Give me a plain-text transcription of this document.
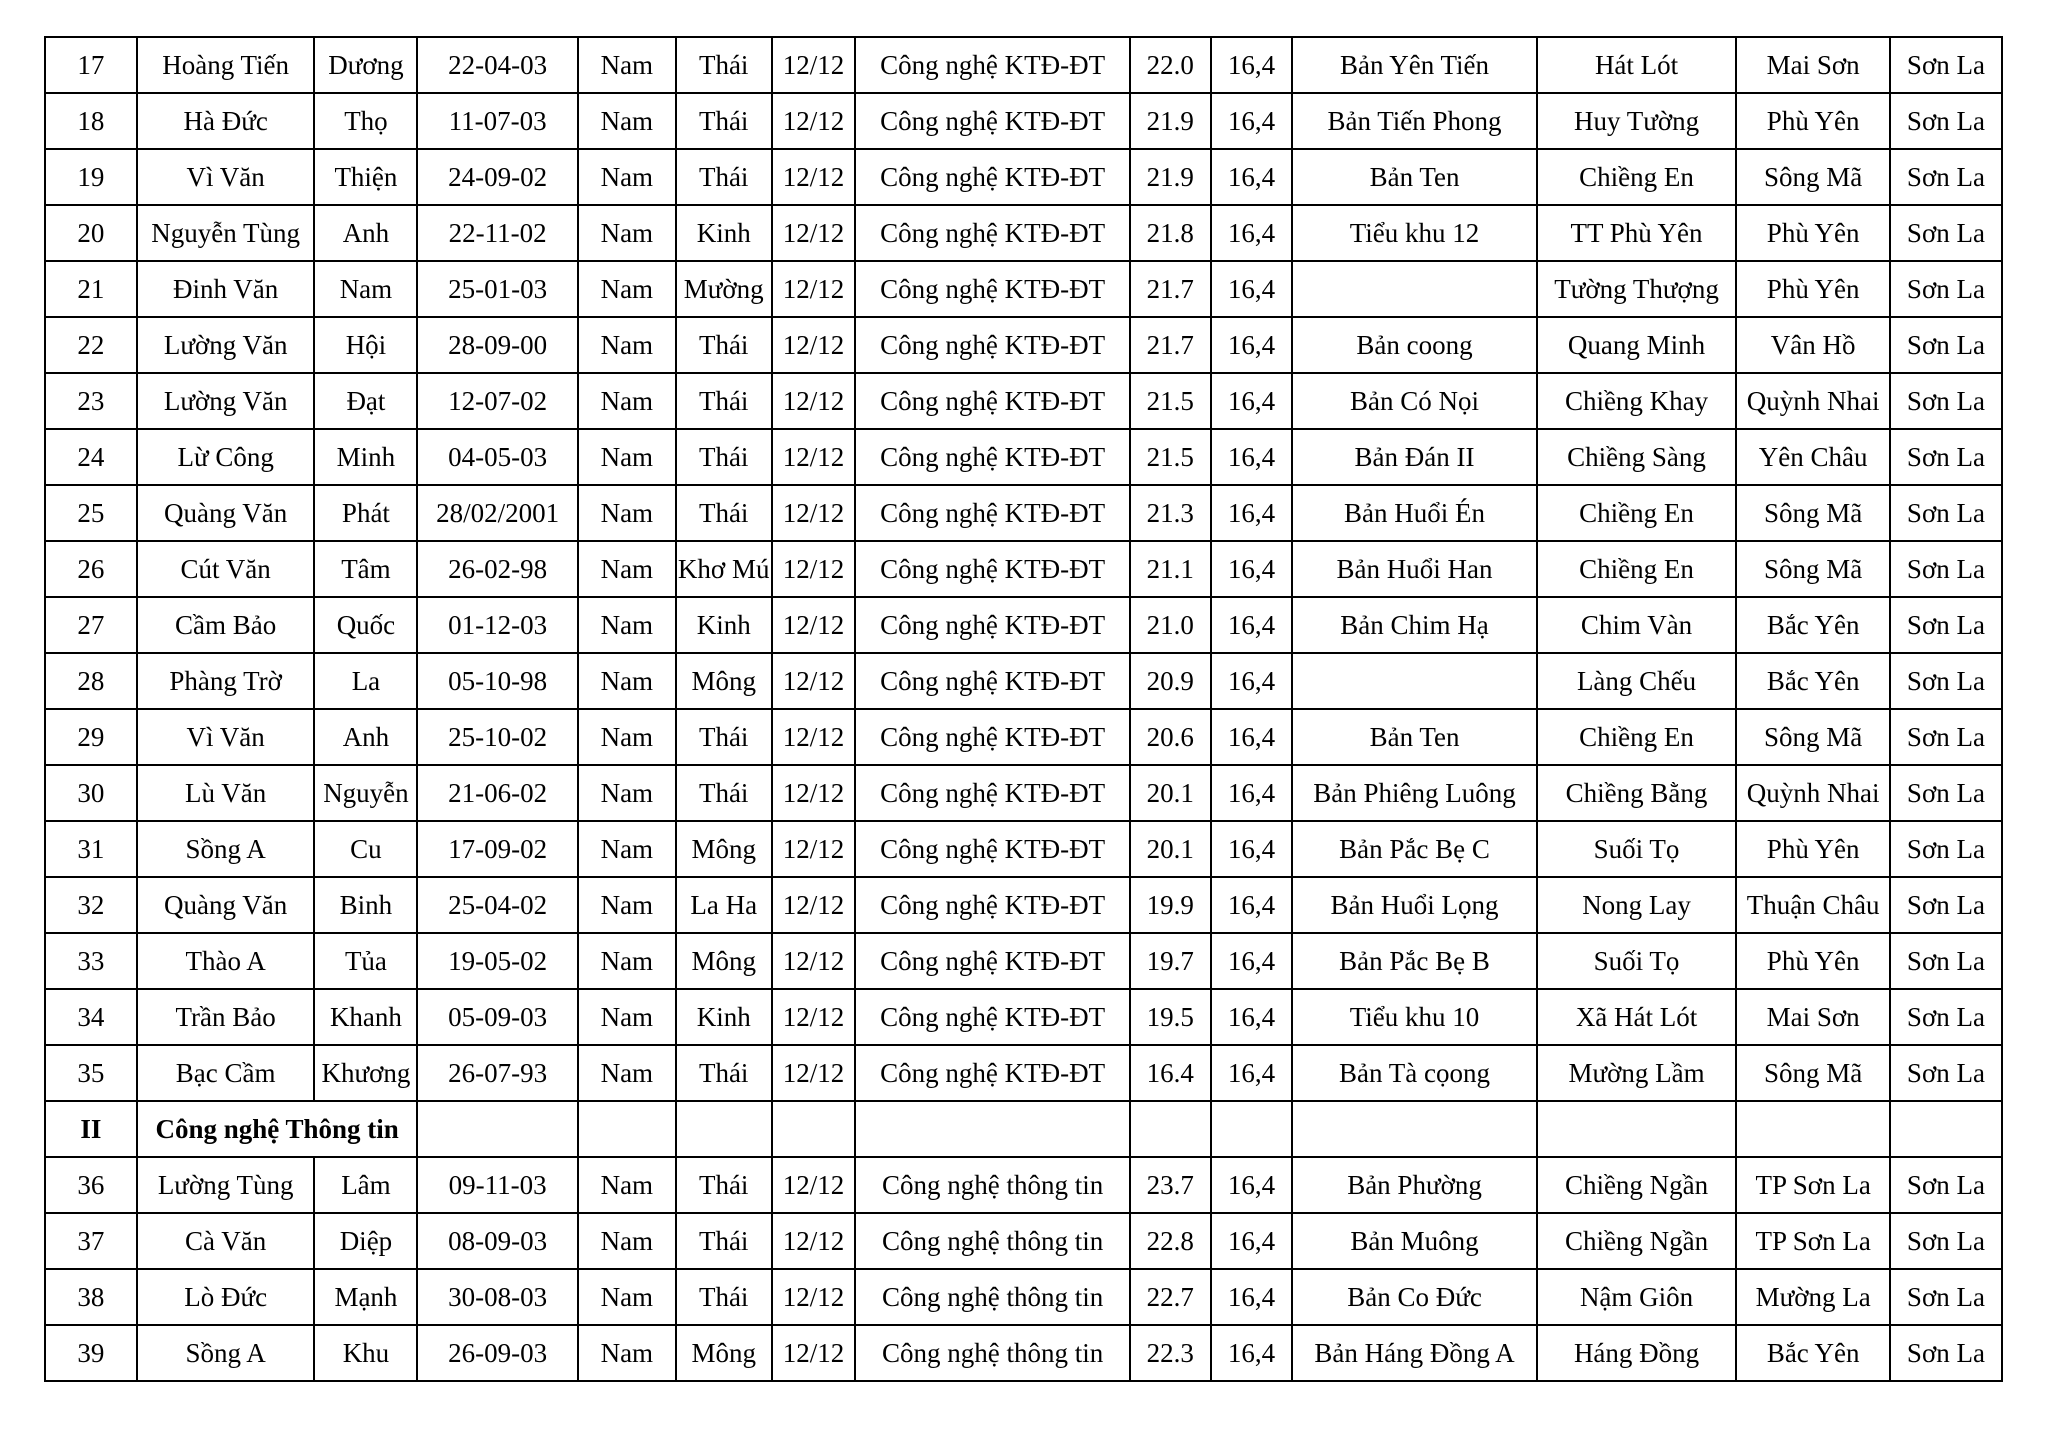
17	Hoàng Tiến	Dương	22-04-03	Nam	Thái	12/12	Công nghệ KTĐ-ĐT	22.0	16,4	Bản Yên Tiến	Hát Lót	Mai Sơn	Sơn La
18	Hà Đức	Thọ	11-07-03	Nam	Thái	12/12	Công nghệ KTĐ-ĐT	21.9	16,4	Bản Tiến Phong	Huy Tường	Phù Yên	Sơn La
19	Vì Văn	Thiện	24-09-02	Nam	Thái	12/12	Công nghệ KTĐ-ĐT	21.9	16,4	Bản Ten	Chiềng En	Sông Mã	Sơn La
20	Nguyễn Tùng	Anh	22-11-02	Nam	Kinh	12/12	Công nghệ KTĐ-ĐT	21.8	16,4	Tiểu khu 12	TT Phù Yên	Phù Yên	Sơn La
21	Đinh Văn	Nam	25-01-03	Nam	Mường	12/12	Công nghệ KTĐ-ĐT	21.7	16,4		Tường Thượng	Phù Yên	Sơn La
22	Lường Văn	Hội	28-09-00	Nam	Thái	12/12	Công nghệ KTĐ-ĐT	21.7	16,4	Bản coong	Quang Minh	Vân Hồ	Sơn La
23	Lường Văn	Đạt	12-07-02	Nam	Thái	12/12	Công nghệ KTĐ-ĐT	21.5	16,4	Bản Có Nọi	Chiềng Khay	Quỳnh Nhai	Sơn La
24	Lừ Công	Minh	04-05-03	Nam	Thái	12/12	Công nghệ KTĐ-ĐT	21.5	16,4	Bản Đán II	Chiềng Sàng	Yên Châu	Sơn La
25	Quàng Văn	Phát	28/02/2001	Nam	Thái	12/12	Công nghệ KTĐ-ĐT	21.3	16,4	Bản Huổi Én	Chiềng En	Sông Mã	Sơn La
26	Cút Văn	Tâm	26-02-98	Nam	Khơ Mú	12/12	Công nghệ KTĐ-ĐT	21.1	16,4	Bản Huổi Han	Chiềng En	Sông Mã	Sơn La
27	Cầm Bảo	Quốc	01-12-03	Nam	Kinh	12/12	Công nghệ KTĐ-ĐT	21.0	16,4	Bản Chim Hạ	Chim Vàn	Bắc Yên	Sơn La
28	Phàng Trờ	La	05-10-98	Nam	Mông	12/12	Công nghệ KTĐ-ĐT	20.9	16,4		Làng Chếu	Bắc Yên	Sơn La
29	Vì Văn	Anh	25-10-02	Nam	Thái	12/12	Công nghệ KTĐ-ĐT	20.6	16,4	Bản Ten	Chiềng En	Sông Mã	Sơn La
30	Lù Văn	Nguyễn	21-06-02	Nam	Thái	12/12	Công nghệ KTĐ-ĐT	20.1	16,4	Bản Phiêng Luông	Chiềng Bằng	Quỳnh Nhai	Sơn La
31	Sồng A	Cu	17-09-02	Nam	Mông	12/12	Công nghệ KTĐ-ĐT	20.1	16,4	Bản Pắc Bẹ C	Suối Tọ	Phù Yên	Sơn La
32	Quàng Văn	Binh	25-04-02	Nam	La Ha	12/12	Công nghệ KTĐ-ĐT	19.9	16,4	Bản Huổi Lọng	Nong Lay	Thuận Châu	Sơn La
33	Thào A	Tủa	19-05-02	Nam	Mông	12/12	Công nghệ KTĐ-ĐT	19.7	16,4	Bản Pắc Bẹ B	Suối Tọ	Phù Yên	Sơn La
34	Trần Bảo	Khanh	05-09-03	Nam	Kinh	12/12	Công nghệ KTĐ-ĐT	19.5	16,4	Tiểu khu 10	Xã Hát Lót	Mai Sơn	Sơn La
35	Bạc Cầm	Khương	26-07-93	Nam	Thái	12/12	Công nghệ KTĐ-ĐT	16.4	16,4	Bản Tà cọong	Mường Lầm	Sông Mã	Sơn La
II	Công nghệ Thông tin												
36	Lường Tùng	Lâm	09-11-03	Nam	Thái	12/12	Công nghệ thông tin	23.7	16,4	Bản Phường	Chiềng Ngần	TP Sơn La	Sơn La
37	Cà Văn	Diệp	08-09-03	Nam	Thái	12/12	Công nghệ thông tin	22.8	16,4	Bản Muông	Chiềng Ngần	TP Sơn La	Sơn La
38	Lò Đức	Mạnh	30-08-03	Nam	Thái	12/12	Công nghệ thông tin	22.7	16,4	Bản Co Đức	Nậm Giôn	Mường La	Sơn La
39	Sồng A	Khu	26-09-03	Nam	Mông	12/12	Công nghệ thông tin	22.3	16,4	Bản Háng Đồng A	Háng Đồng	Bắc Yên	Sơn La
